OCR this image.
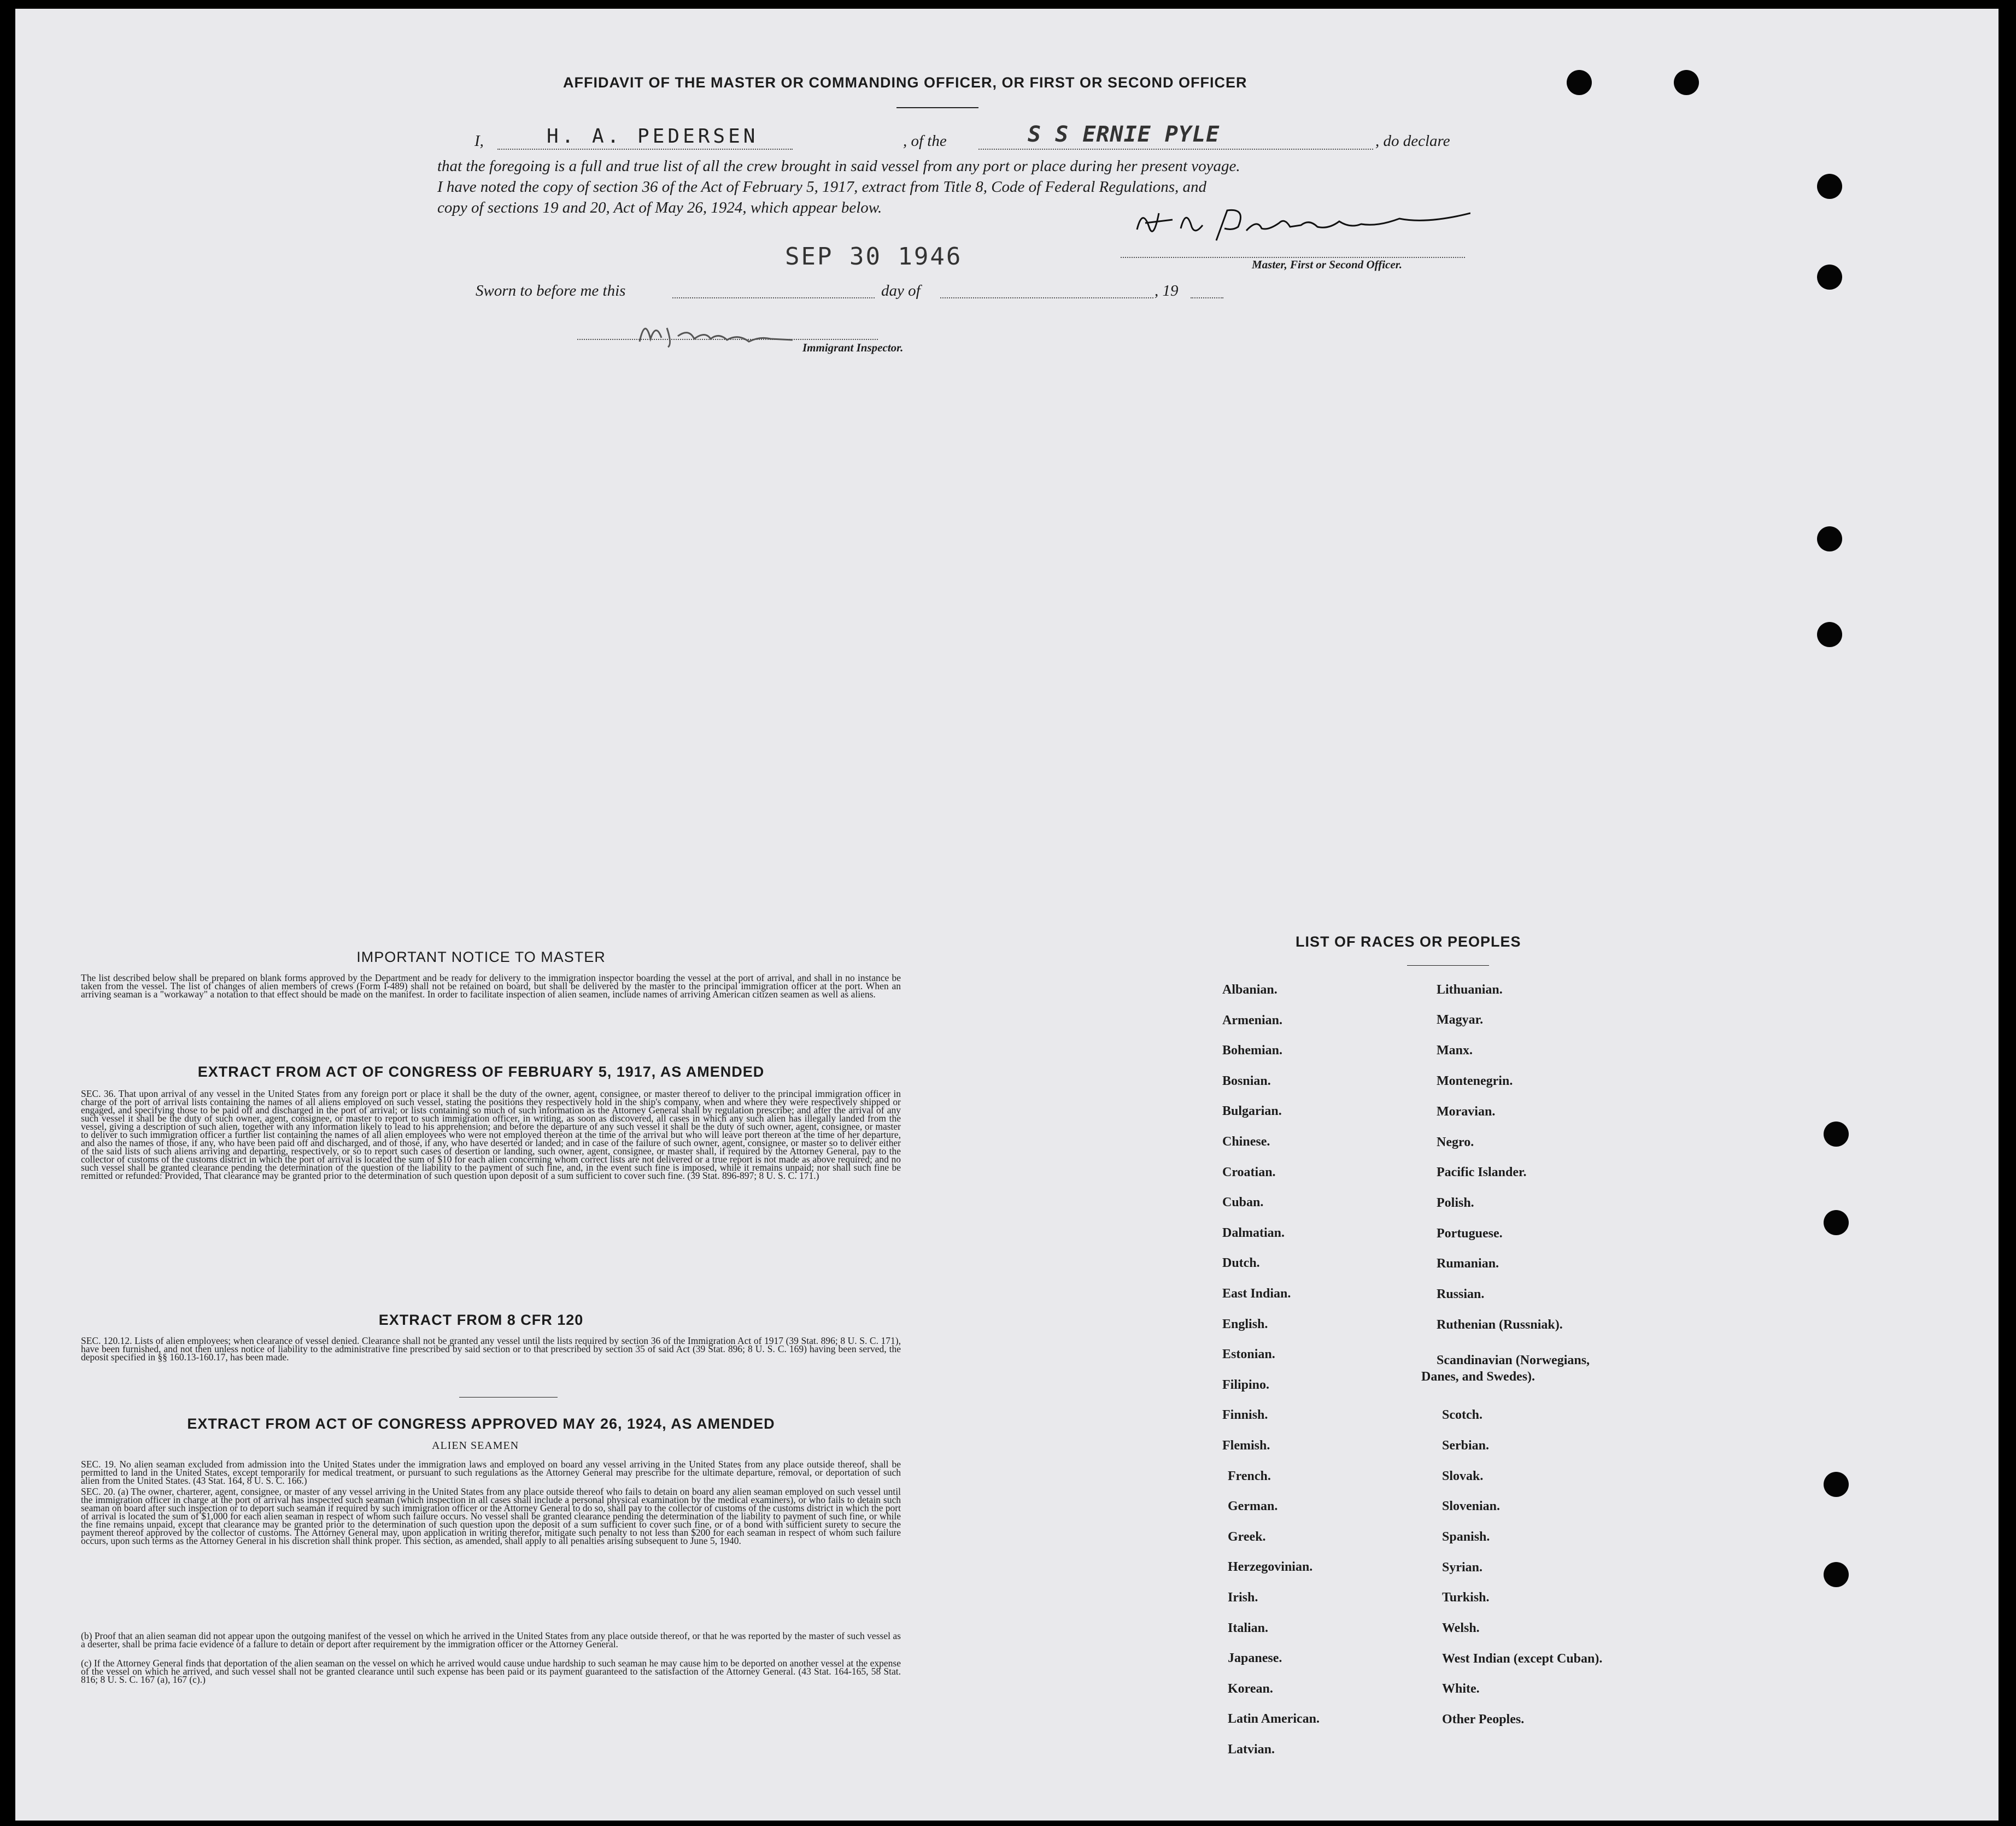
AFFIDAVIT OF THE MASTER OR COMMANDING OFFICER, OR FIRST OR SECOND OFFICER
I,	H. A. PEDERSEN	, of the	S S ERNIE PYLE	, do declare
that the foregoing is a full and true list of all the crew brought in said vessel from any port or place during her present voyage.
I have noted the copy of section 36 of the Act of February 5, 1917, extract from Title 8, Code of Federal Regulations, and
copy of sections 19 and 20, Act of May 26, 1924, which appear below.
Master, First or Second Officer.
SEP 30 1946
Sworn to before me this	day of	, 19
Immigrant Inspector.
IMPORTANT NOTICE TO MASTER
The list described below shall be prepared on blank forms approved by the Department and be ready for delivery to the immigration inspector boarding the vessel at the port of arrival, and shall in no instance be taken from the vessel. The list of changes of alien members of crews (Form I-489) shall not be retained on board, but shall be delivered by the master to the principal immigration officer at the port. When an arriving seaman is a "workaway" a notation to that effect should be made on the manifest. In order to facilitate inspection of alien seamen, include names of arriving American citizen seamen as well as aliens.
EXTRACT FROM ACT OF CONGRESS OF FEBRUARY 5, 1917, AS AMENDED
SEC. 36. That upon arrival of any vessel in the United States from any foreign port or place it shall be the duty of the owner, agent, consignee, or master thereof to deliver to the principal immigration officer in charge of the port of arrival lists containing the names of all aliens employed on such vessel, stating the positions they respectively hold in the ship's company, when and where they were respectively shipped or engaged, and specifying those to be paid off and discharged in the port of arrival; or lists containing so much of such information as the Attorney General shall by regulation prescribe; and after the arrival of any such vessel it shall be the duty of such owner, agent, consignee, or master to report to such immigration officer, in writing, as soon as discovered, all cases in which any such alien has illegally landed from the vessel, giving a description of such alien, together with any information likely to lead to his apprehension; and before the departure of any such vessel it shall be the duty of such owner, agent, consignee, or master to deliver to such immigration officer a further list containing the names of all alien employees who were not employed thereon at the time of the arrival but who will leave port thereon at the time of her departure, and also the names of those, if any, who have been paid off and discharged, and of those, if any, who have deserted or landed; and in case of the failure of such owner, agent, consignee, or master so to deliver either of the said lists of such aliens arriving and departing, respectively, or so to report such cases of desertion or landing, such owner, agent, consignee, or master shall, if required by the Attorney General, pay to the collector of customs of the customs district in which the port of arrival is located the sum of $10 for each alien concerning whom correct lists are not delivered or a true report is not made as above required; and no such vessel shall be granted clearance pending the determination of the question of the liability to the payment of such fine, and, in the event such fine is imposed, while it remains unpaid; nor shall such fine be remitted or refunded: Provided, That clearance may be granted prior to the determination of such question upon deposit of a sum sufficient to cover such fine. (39 Stat. 896-897; 8 U. S. C. 171.)
EXTRACT FROM 8 CFR 120
SEC. 120.12. Lists of alien employees; when clearance of vessel denied. Clearance shall not be granted any vessel until the lists required by section 36 of the Immigration Act of 1917 (39 Stat. 896; 8 U. S. C. 171), have been furnished, and not then unless notice of liability to the administrative fine prescribed by said section or to that prescribed by section 35 of said Act (39 Stat. 896; 8 U. S. C. 169) having been served, the deposit specified in §§ 160.13-160.17, has been made.
EXTRACT FROM ACT OF CONGRESS APPROVED MAY 26, 1924, AS AMENDED
ALIEN SEAMEN
SEC. 19. No alien seaman excluded from admission into the United States under the immigration laws and employed on board any vessel arriving in the United States from any place outside thereof, shall be permitted to land in the United States, except temporarily for medical treatment, or pursuant to such regulations as the Attorney General may prescribe for the ultimate departure, removal, or deportation of such alien from the United States. (43 Stat. 164, 8 U. S. C. 166.)
SEC. 20. (a) The owner, charterer, agent, consignee, or master of any vessel arriving in the United States from any place outside thereof who fails to detain on board any alien seaman employed on such vessel until the immigration officer in charge at the port of arrival has inspected such seaman (which inspection in all cases shall include a personal physical examination by the medical examiners), or who fails to detain such seaman on board after such inspection or to deport such seaman if required by such immigration officer or the Attorney General to do so, shall pay to the collector of customs of the customs district in which the port of arrival is located the sum of $1,000 for each alien seaman in respect of whom such failure occurs. No vessel shall be granted clearance pending the determination of the liability to payment of such fine, or while the fine remains unpaid, except that clearance may be granted prior to the determination of such question upon the deposit of a sum sufficient to cover such fine, or of a bond with sufficient surety to secure the payment thereof approved by the collector of customs. The Attorney General may, upon application in writing therefor, mitigate such penalty to not less than $200 for each seaman in respect of whom such failure occurs, upon such terms as the Attorney General in his discretion shall think proper. This section, as amended, shall apply to all penalties arising subsequent to June 5, 1940.
(b) Proof that an alien seaman did not appear upon the outgoing manifest of the vessel on which he arrived in the United States from any place outside thereof, or that he was reported by the master of such vessel as a deserter, shall be prima facie evidence of a failure to detain or deport after requirement by the immigration officer or the Attorney General.
(c) If the Attorney General finds that deportation of the alien seaman on the vessel on which he arrived would cause undue hardship to such seaman he may cause him to be deported on another vessel at the expense of the vessel on which he arrived, and such vessel shall not be granted clearance until such expense has been paid or its payment guaranteed to the satisfaction of the Attorney General. (43 Stat. 164-165, 58 Stat. 816; 8 U. S. C. 167 (a), 167 (c).)
LIST OF RACES OR PEOPLES
Albanian.
Armenian.
Bohemian.
Bosnian.
Bulgarian.
Chinese.
Croatian.
Cuban.
Dalmatian.
Dutch.
East Indian.
English.
Estonian.
Filipino.
Finnish.
Flemish.
French.
German.
Greek.
Herzegovinian.
Irish.
Italian.
Japanese.
Korean.
Latin American.
Latvian.
Lithuanian.
Magyar.
Manx.
Montenegrin.
Moravian.
Negro.
Pacific Islander.
Polish.
Portuguese.
Rumanian.
Russian.
Ruthenian (Russniak).
Scandinavian (Norwegians,
Danes, and Swedes).
Scotch.
Serbian.
Slovak.
Slovenian.
Spanish.
Syrian.
Turkish.
Welsh.
West Indian (except Cuban).
White.
Other Peoples.
